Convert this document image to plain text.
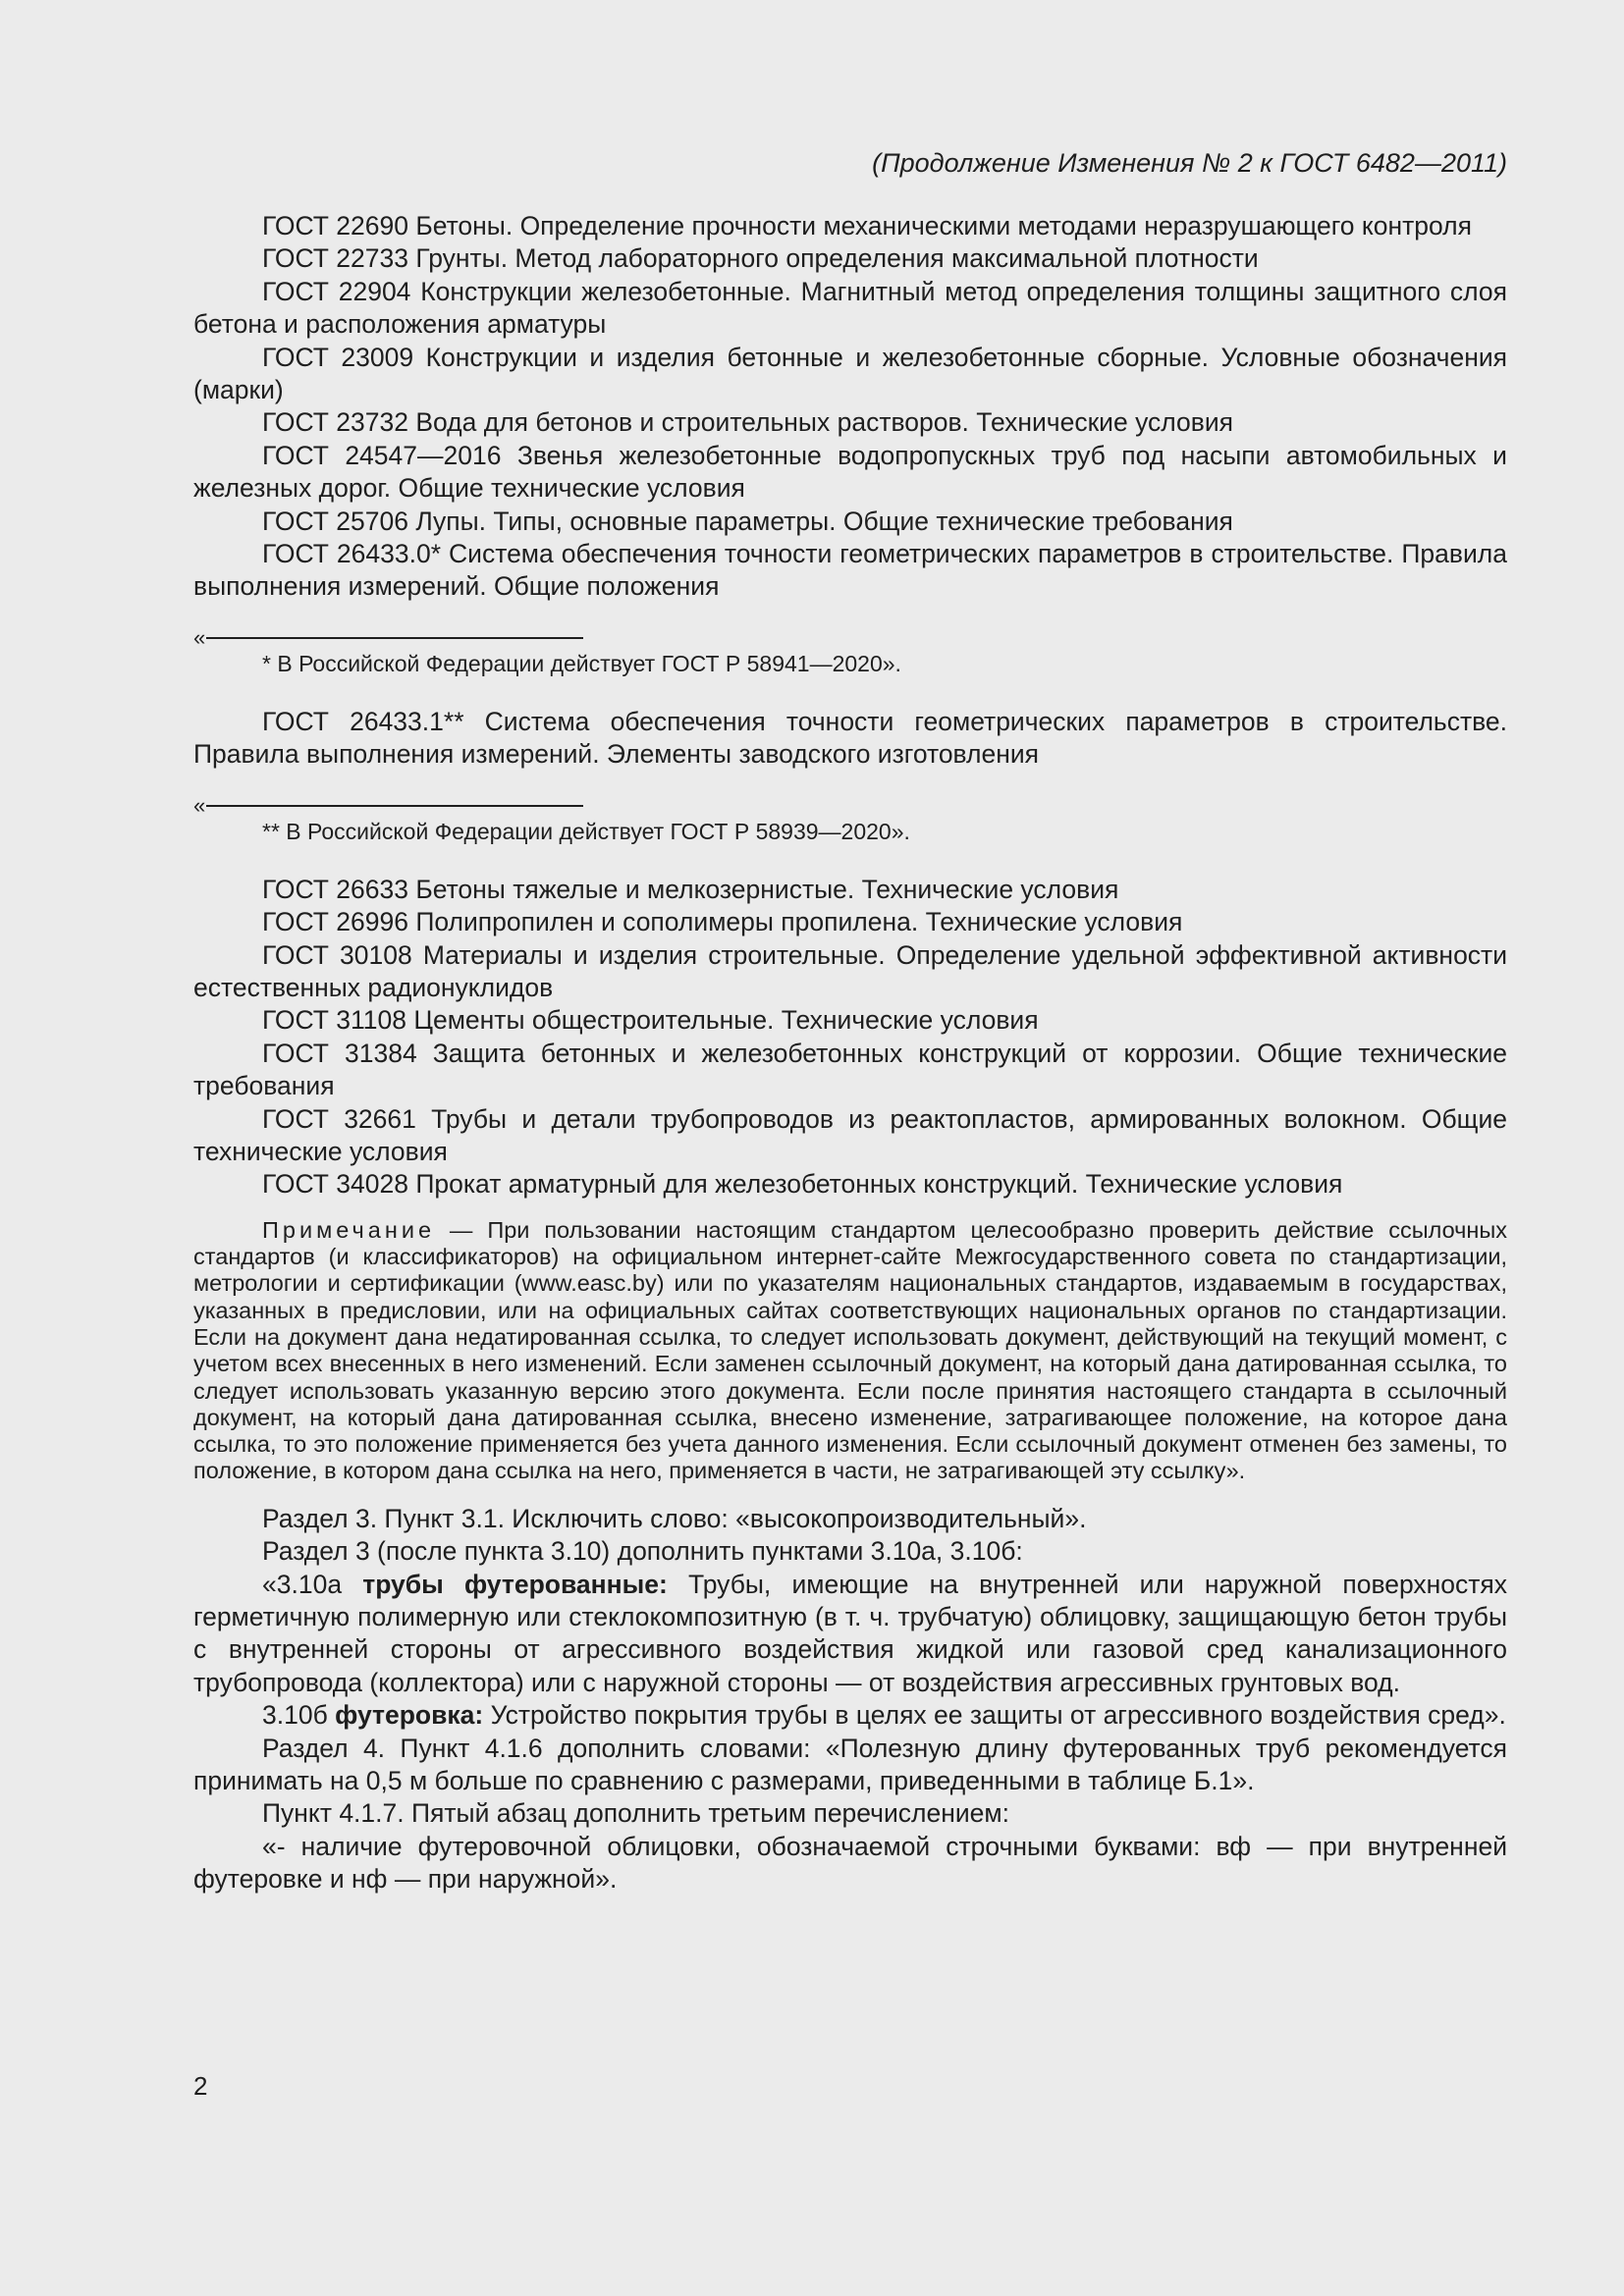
(Продолжение Изменения № 2 к ГОСТ 6482—2011)

ГОСТ 22690 Бетоны. Определение прочности механическими методами неразрушающего контроля

ГОСТ 22733 Грунты. Метод лабораторного определения максимальной плотности

ГОСТ 22904 Конструкции железобетонные. Магнитный метод определения толщины защитного слоя бетона и расположения арматуры

ГОСТ 23009 Конструкции и изделия бетонные и железобетонные сборные. Условные обозначения (марки)

ГОСТ 23732 Вода для бетонов и строительных растворов. Технические условия

ГОСТ 24547—2016 Звенья железобетонные водопропускных труб под насыпи автомобильных и железных дорог. Общие технические условия

ГОСТ 25706 Лупы. Типы, основные параметры. Общие технические требования

ГОСТ 26433.0* Система обеспечения точности геометрических параметров в строительстве. Правила выполнения измерений. Общие положения

«

* В Российской Федерации действует ГОСТ Р 58941—2020».

ГОСТ 26433.1** Система обеспечения точности геометрических параметров в строительстве. Правила выполнения измерений. Элементы заводского изготовления

«

** В Российской Федерации действует ГОСТ Р 58939—2020».

ГОСТ 26633 Бетоны тяжелые и мелкозернистые. Технические условия

ГОСТ 26996 Полипропилен и сополимеры пропилена. Технические условия

ГОСТ 30108 Материалы и изделия строительные. Определение удельной эффективной активности естественных радионуклидов

ГОСТ 31108 Цементы общестроительные. Технические условия

ГОСТ 31384 Защита бетонных и железобетонных конструкций от коррозии. Общие технические требования

ГОСТ 32661 Трубы и детали трубопроводов из реактопластов, армированных волокном. Общие технические условия

ГОСТ 34028 Прокат арматурный для железобетонных конструкций. Технические условия

Примечание — При пользовании настоящим стандартом целесообразно проверить действие ссылочных стандартов (и классификаторов) на официальном интернет-сайте Межгосударственного совета по стандартизации, метрологии и сертификации (www.easc.by) или по указателям национальных стандартов, издаваемым в государствах, указанных в предисловии, или на официальных сайтах соответствующих национальных органов по стандартизации. Если на документ дана недатированная ссылка, то следует использовать документ, действующий на текущий момент, с учетом всех внесенных в него изменений. Если заменен ссылочный документ, на который дана датированная ссылка, то следует использовать указанную версию этого документа. Если после принятия настоящего стандарта в ссылочный документ, на который дана датированная ссылка, внесено изменение, затрагивающее положение, на которое дана ссылка, то это положение применяется без учета данного изменения. Если ссылочный документ отменен без замены, то положение, в котором дана ссылка на него, применяется в части, не затрагивающей эту ссылку».

Раздел 3. Пункт 3.1. Исключить слово: «высокопроизводительный».

Раздел 3 (после пункта 3.10) дополнить пунктами 3.10а, 3.10б:

«3.10а трубы футерованные: Трубы, имеющие на внутренней или наружной поверхностях герметичную полимерную или стеклокомпозитную (в т. ч. трубчатую) облицовку, защищающую бетон трубы с внутренней стороны от агрессивного воздействия жидкой или газовой сред канализационного трубопровода (коллектора) или с наружной стороны — от воздействия агрессивных грунтовых вод.

3.10б футеровка: Устройство покрытия трубы в целях ее защиты от агрессивного воздействия сред».

Раздел 4. Пункт 4.1.6 дополнить словами: «Полезную длину футерованных труб рекомендуется принимать на 0,5 м больше по сравнению с размерами, приведенными в таблице Б.1».

Пункт 4.1.7. Пятый абзац дополнить третьим перечислением:

«- наличие футеровочной облицовки, обозначаемой строчными буквами: вф — при внутренней футеровке и нф — при наружной».

2
